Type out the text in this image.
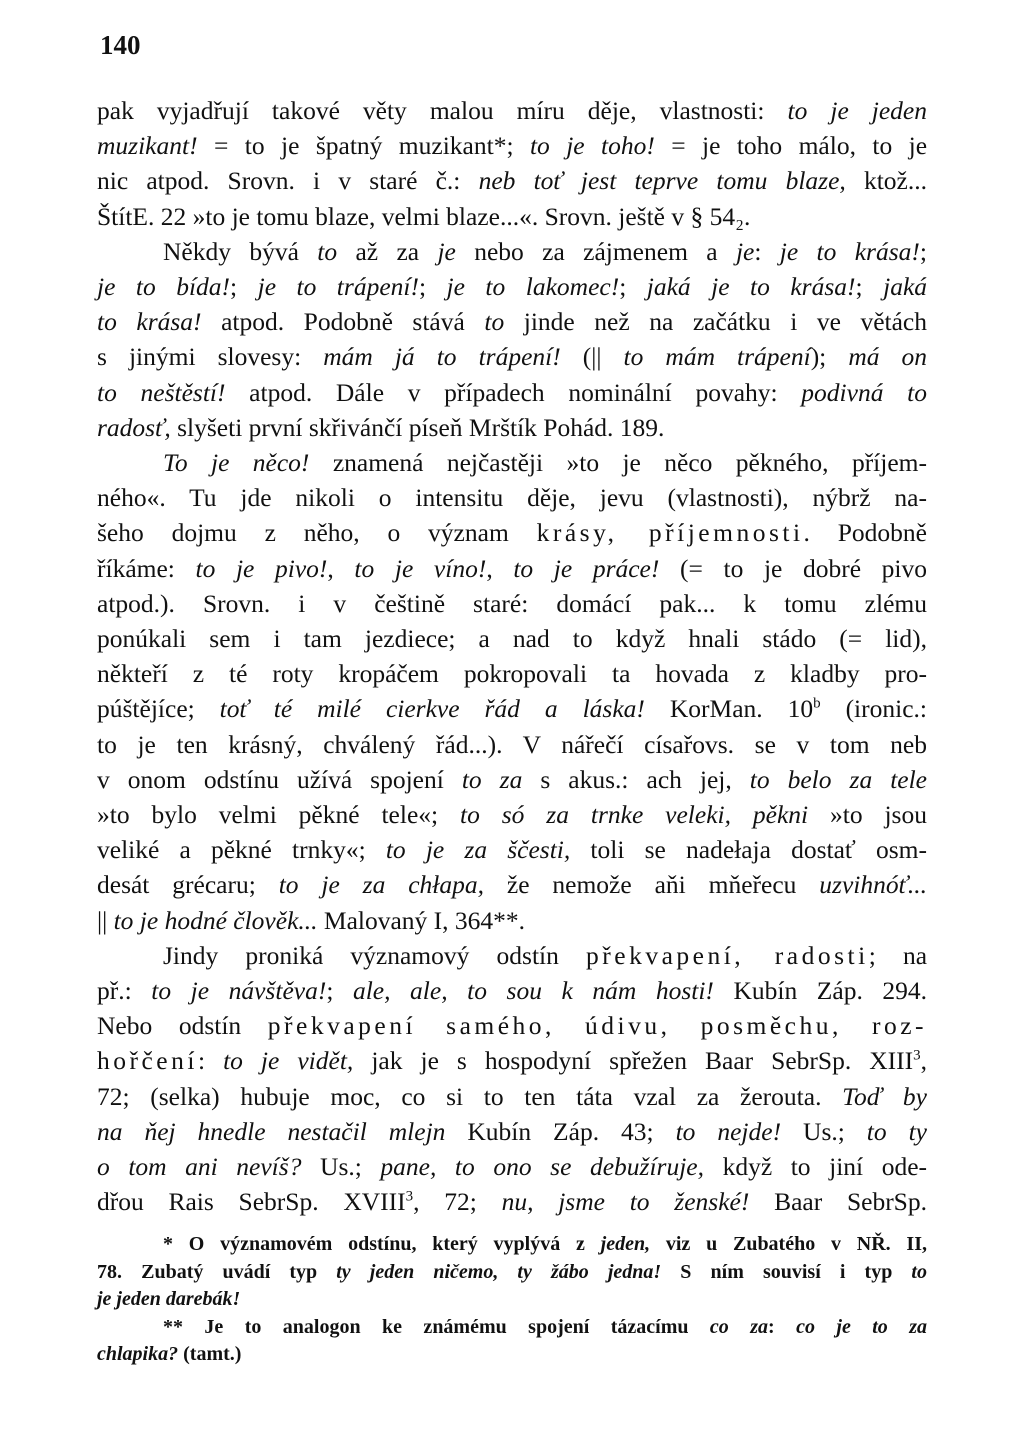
140
pak vyjadřují takové věty malou míru děje, vlastnosti: to je jeden
muzikant! = to je špatný muzikant*; to je toho! = je toho málo, to je
nic atpod. Srovn. i v staré č.: neb toť jest teprve tomu blaze, ktož...
ŠtítE. 22 »to je tomu blaze, velmi blaze...«. Srovn. ještě v § 54₂.
Někdy bývá to až za je nebo za zájmenem a je: je to krása!;
je to bída!; je to trápení!; je to lakomec!; jaká je to krása!; jaká
to krása! atpod. Podobně stává to jinde než na začátku i ve větách
s jinými slovesy: mám já to trápení! (|| to mám trápení); má on
to neštěstí! atpod. Dále v případech nominální povahy: podivná to
radosť, slyšeti první skřivánčí píseň Mrštík Pohád. 189.
To je něco! znamená nejčastěji »to je něco pěkného, příjem-
ného«. Tu jde nikoli o intensitu děje, jevu (vlastnosti), nýbrž na-
šeho dojmu z něho, o význam krásy, příjemnosti. Podobně
říkáme: to je pivo!, to je víno!, to je práce! (= to je dobré pivo
atpod.). Srovn. i v češtině staré: domácí pak... k tomu zlému
ponúkali sem i tam jezdiece; a nad to když hnali stádo (= lid),
někteří z té roty kropáčem pokropovali ta hovada z kladby pro-
púštějíce; toť té milé cierkve řád a láska! KorMan. 10$^b$ (ironic.:
to je ten krásný, chválený řád...). V nářečí císařovs. se v tom neb
v onom odstínu užívá spojení to za s akus.: ach jej, to belo za tele
»to bylo velmi pěkné tele«; to só za trnke veleki, pěkni »to jsou
veliké a pěkné trnky«; to je za ščesti, toli se nadełaja dostať osm-
desát grécaru; to je za chłapa, že nemože aňi mňeřecu uzvihnóť...
|| to je hodné člověk... Malovaný I, 364**.
Jindy proniká významový odstín překvapení, radosti; na
př.: to je návštěva!; ale, ale, to sou k nám hosti! Kubín Záp. 294.
Nebo odstín překvapení samého, údivu, posměchu, roz-
hořčení: to je vidět, jak je s hospodyní spřežen Baar SebrSp. XIII$^3$,
72; (selka) hubuje moc, co si to ten táta vzal za žerouta. Toď by
na ňej hnedle nestačil mlejn Kubín Záp. 43; to nejde! Us.; to ty
o tom ani nevíš? Us.; pane, to ono se debužíruje, když to jiní ode-
dřou Rais SebrSp. XVIII$^3$, 72; nu, jsme to ženské! Baar SebrSp.
* O významovém odstínu, který vyplývá z jeden, viz u Zubatého v NŘ. II,
78. Zubatý uvádí typ ty jeden ničemo, ty žábo jedna! S ním souvisí i typ to
je jeden darebák!
** Je to analogon ke známému spojení tázacímu co za: co je to za
chlapika? (tamt.)
